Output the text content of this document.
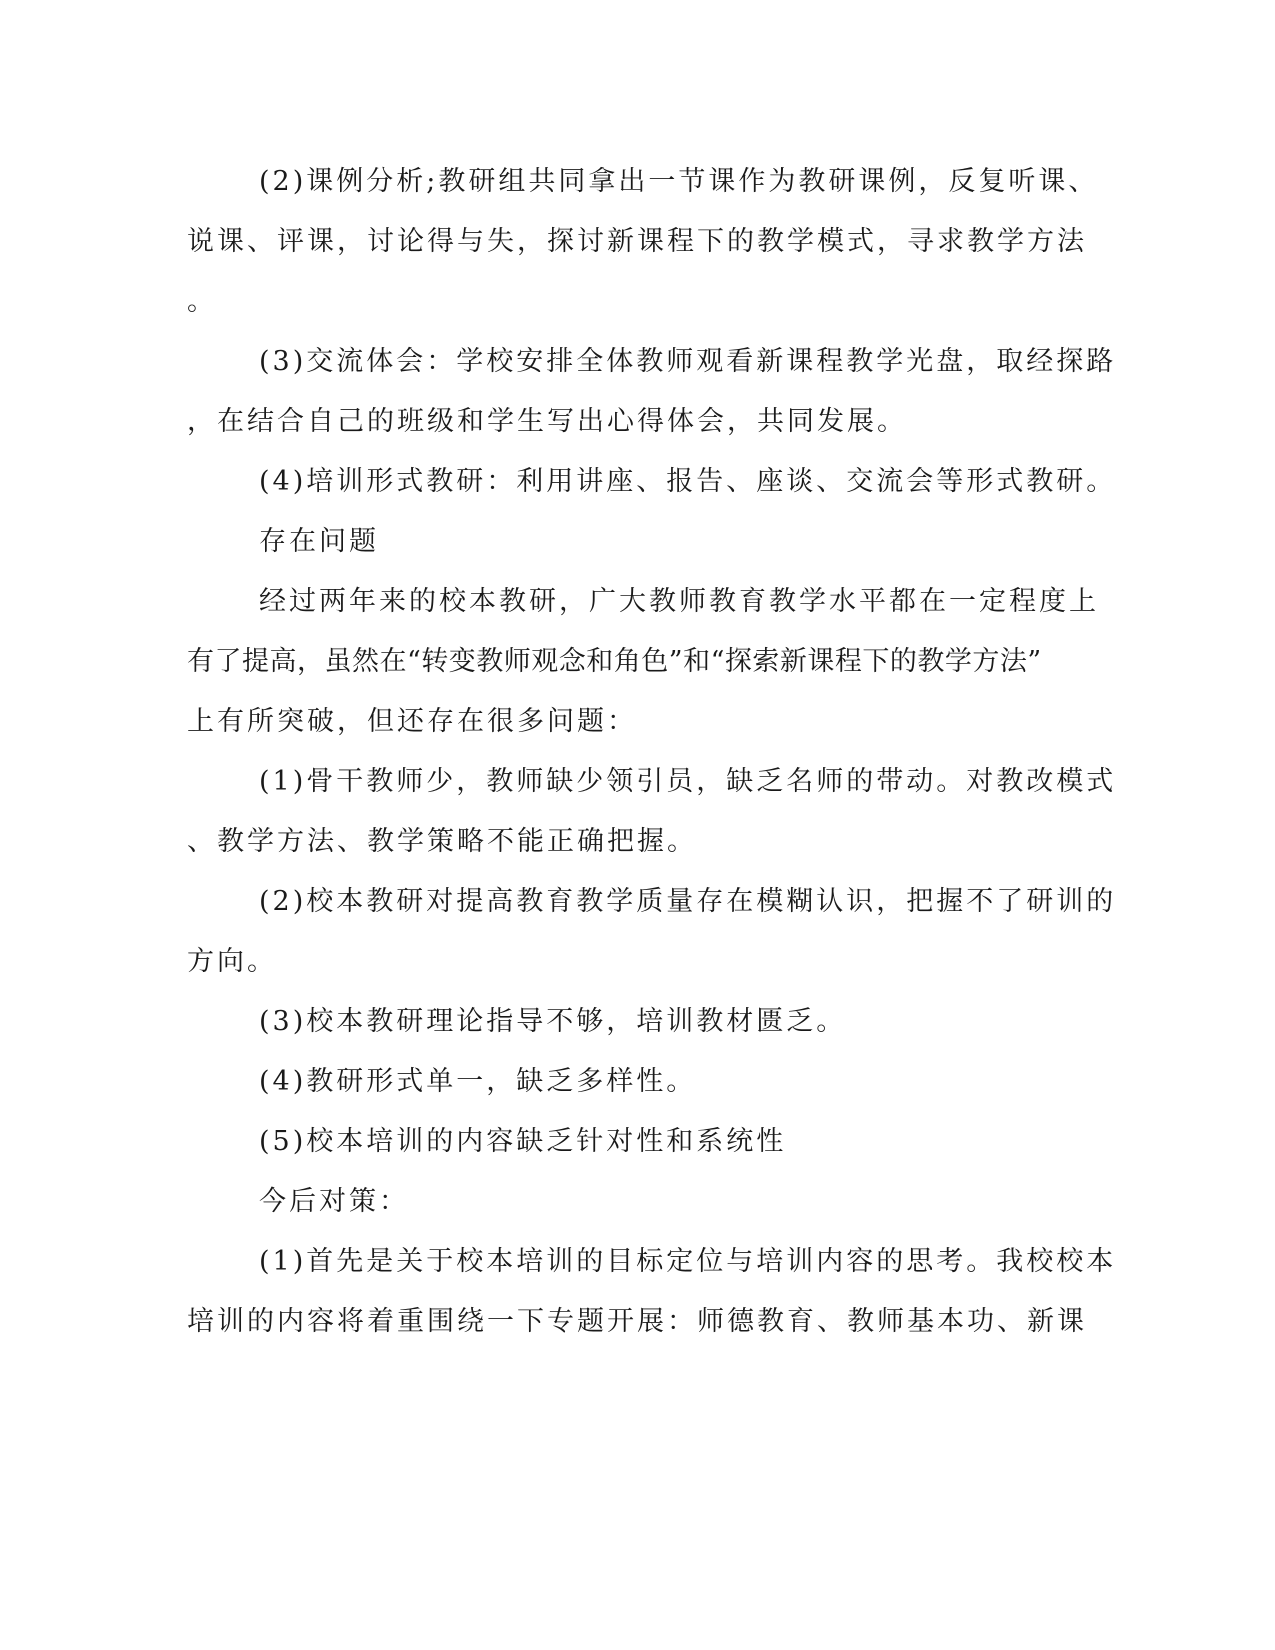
(2)课例分析;教研组共同拿出一节课作为教研课例，反复听课、
说课、评课，讨论得与失，探讨新课程下的教学模式，寻求教学方法
。
(3)交流体会：学校安排全体教师观看新课程教学光盘，取经探路
，在结合自己的班级和学生写出心得体会，共同发展。
(4)培训形式教研：利用讲座、报告、座谈、交流会等形式教研。
存在问题
经过两年来的校本教研，广大教师教育教学水平都在一定程度上
有了提高，虽然在“转变教师观念和角色”和“探索新课程下的教学方法”
上有所突破，但还存在很多问题：
(1)骨干教师少，教师缺少领引员，缺乏名师的带动。对教改模式
、教学方法、教学策略不能正确把握。
(2)校本教研对提高教育教学质量存在模糊认识，把握不了研训的
方向。
(3)校本教研理论指导不够，培训教材匮乏。
(4)教研形式单一，缺乏多样性。
(5)校本培训的内容缺乏针对性和系统性
今后对策：
(1)首先是关于校本培训的目标定位与培训内容的思考。我校校本
培训的内容将着重围绕一下专题开展：师德教育、教师基本功、新课
